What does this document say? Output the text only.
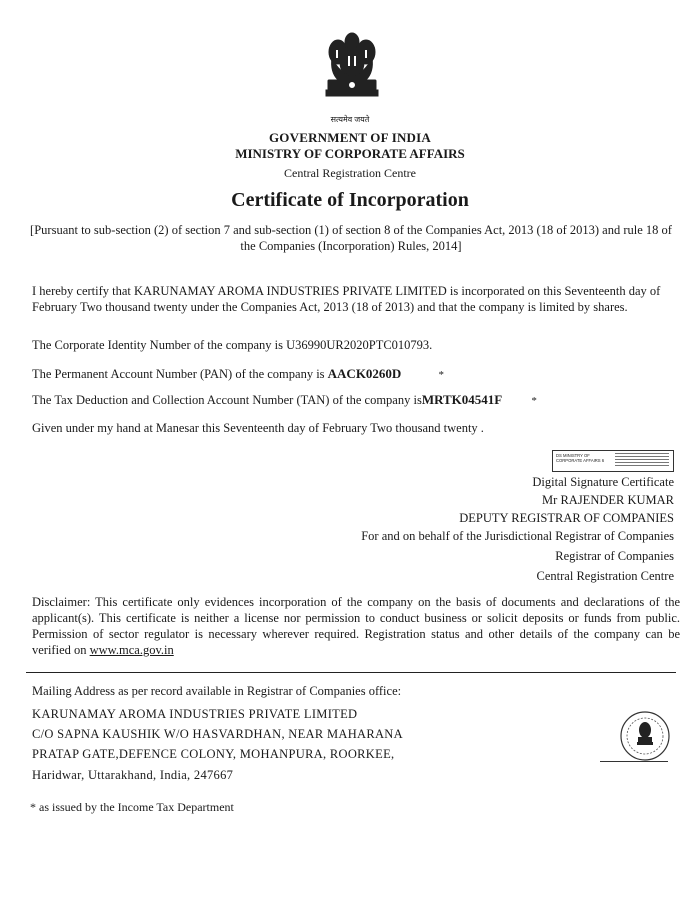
सत्यमेव जयते
GOVERNMENT OF INDIA
MINISTRY OF CORPORATE AFFAIRS
Central Registration Centre
Certificate of Incorporation
[Pursuant to sub-section (2) of section 7 and sub-section (1) of section 8 of the Companies Act, 2013 (18 of 2013) and rule 18 of the Companies (Incorporation) Rules, 2014]
I hereby certify that KARUNAMAY AROMA INDUSTRIES PRIVATE LIMITED is incorporated on this Seventeenth day of February Two thousand twenty under the Companies Act, 2013 (18 of 2013) and that the company is limited by shares.
The Corporate Identity Number of the company is U36990UR2020PTC010793.
The Permanent Account Number (PAN) of the company is AACK0260D	*
The Tax Deduction and Collection Account Number (TAN) of the company isMRTK04541F	*
Given under my hand at Manesar this Seventeenth day of February Two thousand twenty .
DS MINISTRY OF
CORPORATE AFFAIRS 6
Digital Signature Certificate
Mr RAJENDER KUMAR
DEPUTY REGISTRAR OF COMPANIES
For and on behalf of the Jurisdictional Registrar of Companies
Registrar of Companies
Central Registration Centre
Disclaimer: This certificate only evidences incorporation of the company on the basis of documents and declarations of the applicant(s). This certificate is neither a license nor permission to conduct business or solicit deposits or funds from public. Permission of sector regulator is necessary wherever required. Registration status and other details of the company can be verified on www.mca.gov.in
Mailing Address as per record available in Registrar of Companies office:
KARUNAMAY AROMA INDUSTRIES PRIVATE LIMITED
C/O SAPNA KAUSHIK W/O HASVARDHAN, NEAR MAHARANA
PRATAP GATE,DEFENCE COLONY, MOHANPURA, ROORKEE,
Haridwar, Uttarakhand, India, 247667
* as issued by the Income Tax Department
